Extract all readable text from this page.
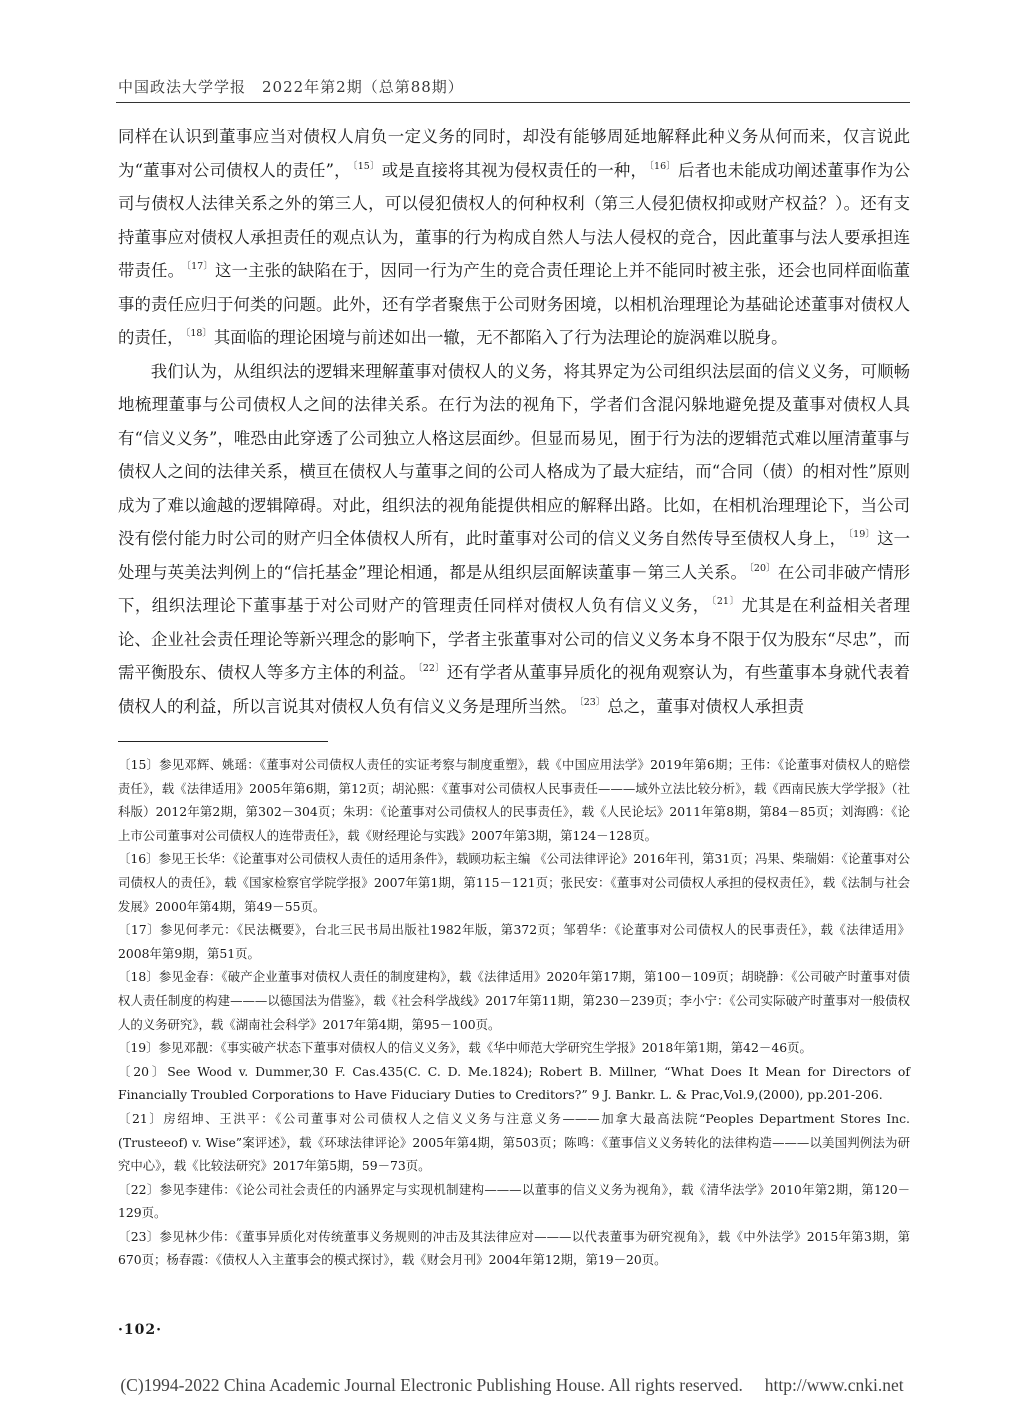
中国政法大学学报　2022年第2期（总第88期）

同样在认识到董事应当对债权人肩负一定义务的同时，却没有能够周延地解释此种义务从何而来，仅言说此为“董事对公司债权人的责任”， $^{〔15〕}$ 或是直接将其视为侵权责任的一种， $^{〔16〕}$ 后者也未能成功阐述董事作为公司与债权人法律关系之外的第三人，可以侵犯债权人的何种权利（第三人侵犯债权抑或财产权益？）。还有支持董事应对债权人承担责任的观点认为，董事的行为构成自然人与法人侵权的竞合，因此董事与法人要承担连带责任。 $^{〔17〕}$ 这一主张的缺陷在于，因同一行为产生的竞合责任理论上并不能同时被主张，还会也同样面临董事的责任应归于何类的问题。此外，还有学者聚焦于公司财务困境，以相机治理理论为基础论述董事对债权人的责任， $^{〔18〕}$ 其面临的理论困境与前述如出一辙，无不都陷入了行为法理论的旋涡难以脱身。

我们认为，从组织法的逻辑来理解董事对债权人的义务，将其界定为公司组织法层面的信义义务，可顺畅地梳理董事与公司债权人之间的法律关系。在行为法的视角下，学者们含混闪躲地避免提及董事对债权人具有“信义义务”，唯恐由此穿透了公司独立人格这层面纱。但显而易见，囿于行为法的逻辑范式难以厘清董事与债权人之间的法律关系，横亘在债权人与董事之间的公司人格成为了最大症结，而“合同（债）的相对性”原则成为了难以逾越的逻辑障碍。对此，组织法的视角能提供相应的解释出路。比如，在相机治理理论下，当公司没有偿付能力时公司的财产归全体债权人所有，此时董事对公司的信义义务自然传导至债权人身上， $^{〔19〕}$ 这一处理与英美法判例上的“信托基金”理论相通，都是从组织层面解读董事－第三人关系。 $^{〔20〕}$ 在公司非破产情形下，组织法理论下董事基于对公司财产的管理责任同样对债权人负有信义义务， $^{〔21〕}$ 尤其是在利益相关者理论、企业社会责任理论等新兴理念的影响下，学者主张董事对公司的信义义务本身不限于仅为股东“尽忠”，而需平衡股东、债权人等多方主体的利益。 $^{〔22〕}$ 还有学者从董事异质化的视角观察认为，有些董事本身就代表着债权人的利益，所以言说其对债权人负有信义义务是理所当然。 $^{〔23〕}$ 总之，董事对债权人承担责

〔15〕参见邓辉、姚瑶：《董事对公司债权人责任的实证考察与制度重塑》，载《中国应用法学》2019年第6期；王伟：《论董事对债权人的赔偿责任》，载《法律适用》2005年第6期，第12页；胡沁熙：《董事对公司债权人民事责任———域外立法比较分析》，载《西南民族大学学报》（社科版）2012年第2期，第302－304页；朱玥：《论董事对公司债权人的民事责任》，载《人民论坛》2011年第8期，第84－85页；刘海鸥：《论上市公司董事对公司债权人的连带责任》，载《财经理论与实践》2007年第3期，第124－128页。
〔16〕参见王长华：《论董事对公司债权人责任的适用条件》，载顾功耘主编 《公司法律评论》2016年刊，第31页；冯果、柴瑞娟：《论董事对公司债权人的责任》，载《国家检察官学院学报》2007年第1期，第115－121页；张民安：《董事对公司债权人承担的侵权责任》，载《法制与社会发展》2000年第4期，第49－55页。
〔17〕参见何孝元：《民法概要》，台北三民书局出版社1982年版，第372页；邹碧华：《论董事对公司债权人的民事责任》，载《法律适用》2008年第9期，第51页。
〔18〕参见金春：《破产企业董事对债权人责任的制度建构》，载《法律适用》2020年第17期，第100－109页；胡晓静：《公司破产时董事对债权人责任制度的构建———以德国法为借鉴》，载《社会科学战线》2017年第11期，第230－239页；李小宁：《公司实际破产时董事对一般债权人的义务研究》，载《湖南社会科学》2017年第4期，第95－100页。
〔19〕参见邓靓：《事实破产状态下董事对债权人的信义义务》，载《华中师范大学研究生学报》2018年第1期，第42－46页。
〔20〕See Wood v. Dummer,30 F. Cas.435(C. C. D. Me.1824); Robert B. Millner, “What Does It Mean for Directors of Financially Troubled Corporations to Have Fiduciary Duties to Creditors?” 9 J. Bankr. L. & Prac,Vol.9,(2000), pp.201-206.
〔21〕房绍坤、王洪平：《公司董事对公司债权人之信义义务与注意义务———加拿大最高法院“Peoples Department Stores Inc.(Trusteeof) v. Wise”案评述》，载《环球法律评论》2005年第4期，第503页；陈鸣：《董事信义义务转化的法律构造———以美国判例法为研究中心》，载《比较法研究》2017年第5期，59－73页。
〔22〕参见李建伟：《论公司社会责任的内涵界定与实现机制建构———以董事的信义义务为视角》，载《清华法学》2010年第2期，第120－129页。
〔23〕参见林少伟：《董事异质化对传统董事义务规则的冲击及其法律应对———以代表董事为研究视角》，载《中外法学》2015年第3期，第670页；杨春霞：《债权人入主董事会的模式探讨》，载《财会月刊》2004年第12期，第19－20页。
·102·
(C)1994-2022 China Academic Journal Electronic Publishing House. All rights reserved.　 http://www.cnki.net
